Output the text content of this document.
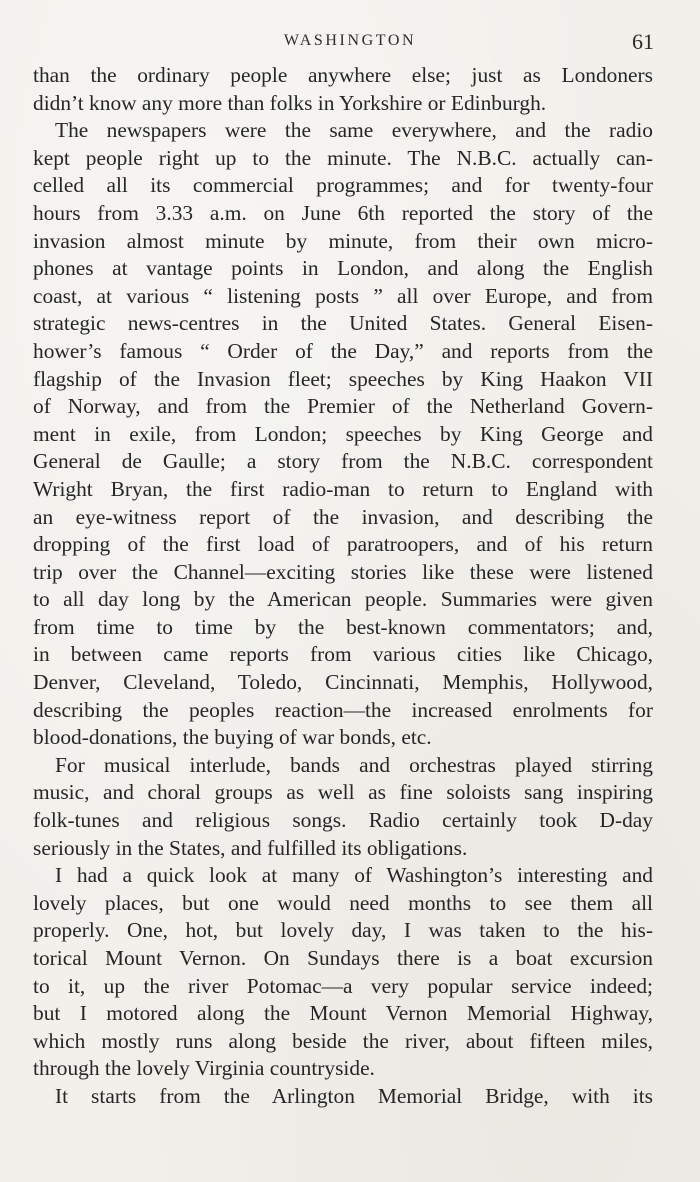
WASHINGTON	61
than the ordinary people anywhere else; just as Londoners
didn’t know any more than folks in Yorkshire or Edinburgh.
The newspapers were the same everywhere, and the radio
kept people right up to the minute. The N.B.C. actually can-
celled all its commercial programmes; and for twenty-four
hours from 3.33 a.m. on June 6th reported the story of the
invasion almost minute by minute, from their own micro-
phones at vantage points in London, and along the English
coast, at various “ listening posts ” all over Europe, and from
strategic news-centres in the United States. General Eisen-
hower’s famous “ Order of the Day,” and reports from the
flagship of the Invasion fleet; speeches by King Haakon VII
of Norway, and from the Premier of the Netherland Govern-
ment in exile, from London; speeches by King George and
General de Gaulle; a story from the N.B.C. correspondent
Wright Bryan, the first radio-man to return to England with
an eye-witness report of the invasion, and describing the
dropping of the first load of paratroopers, and of his return
trip over the Channel—exciting stories like these were listened
to all day long by the American people. Summaries were given
from time to time by the best-known commentators; and,
in between came reports from various cities like Chicago,
Denver, Cleveland, Toledo, Cincinnati, Memphis, Hollywood,
describing the peoples reaction—the increased enrolments for
blood-donations, the buying of war bonds, etc.
For musical interlude, bands and orchestras played stirring
music, and choral groups as well as fine soloists sang inspiring
folk-tunes and religious songs. Radio certainly took D-day
seriously in the States, and fulfilled its obligations.
I had a quick look at many of Washington’s interesting and
lovely places, but one would need months to see them all
properly. One, hot, but lovely day, I was taken to the his-
torical Mount Vernon. On Sundays there is a boat excursion
to it, up the river Potomac—a very popular service indeed;
but I motored along the Mount Vernon Memorial Highway,
which mostly runs along beside the river, about fifteen miles,
through the lovely Virginia countryside.
It starts from the Arlington Memorial Bridge, with its
